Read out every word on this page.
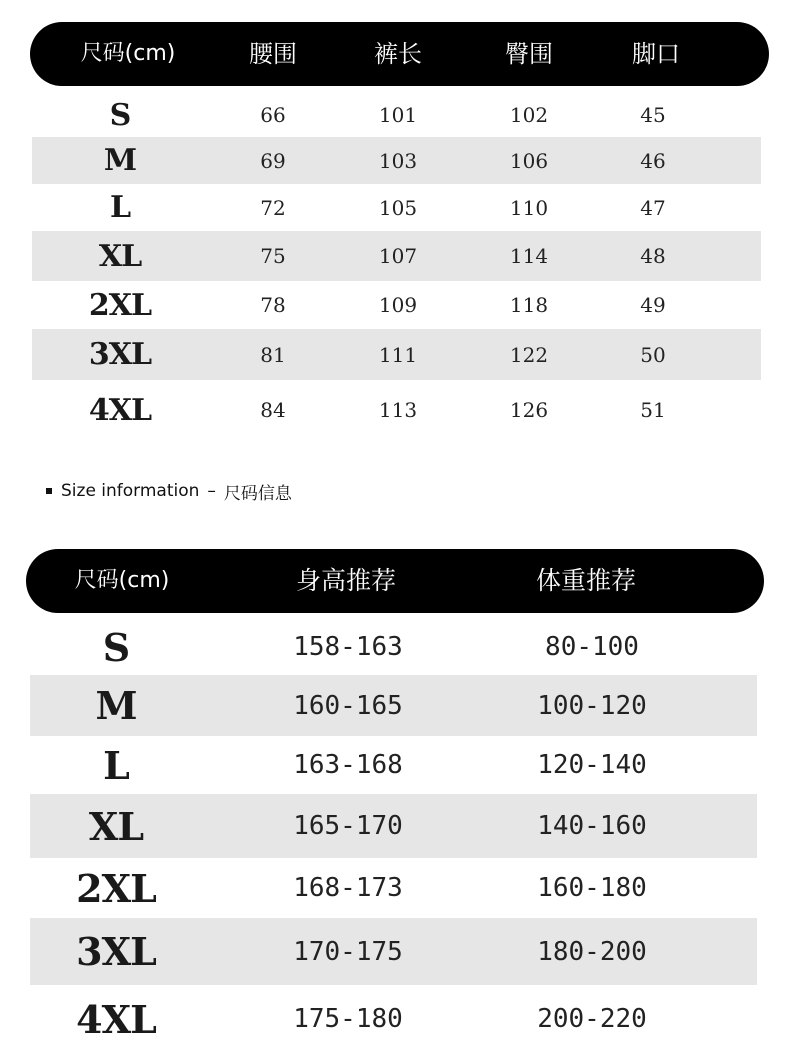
尺码(cm)	腰围	裤长	臀围	脚口
S	66	101	102	45
M	69	103	106	46
L	72	105	110	47
XL	75	107	114	48
2XL	78	109	118	49
3XL	81	111	122	50
4XL	84	113	126	51
Size information – 尺码信息
尺码(cm)	身高推荐	体重推荐
S	158-163	80-100
M	160-165	100-120
L	163-168	120-140
XL	165-170	140-160
2XL	168-173	160-180
3XL	170-175	180-200
4XL	175-180	200-220
